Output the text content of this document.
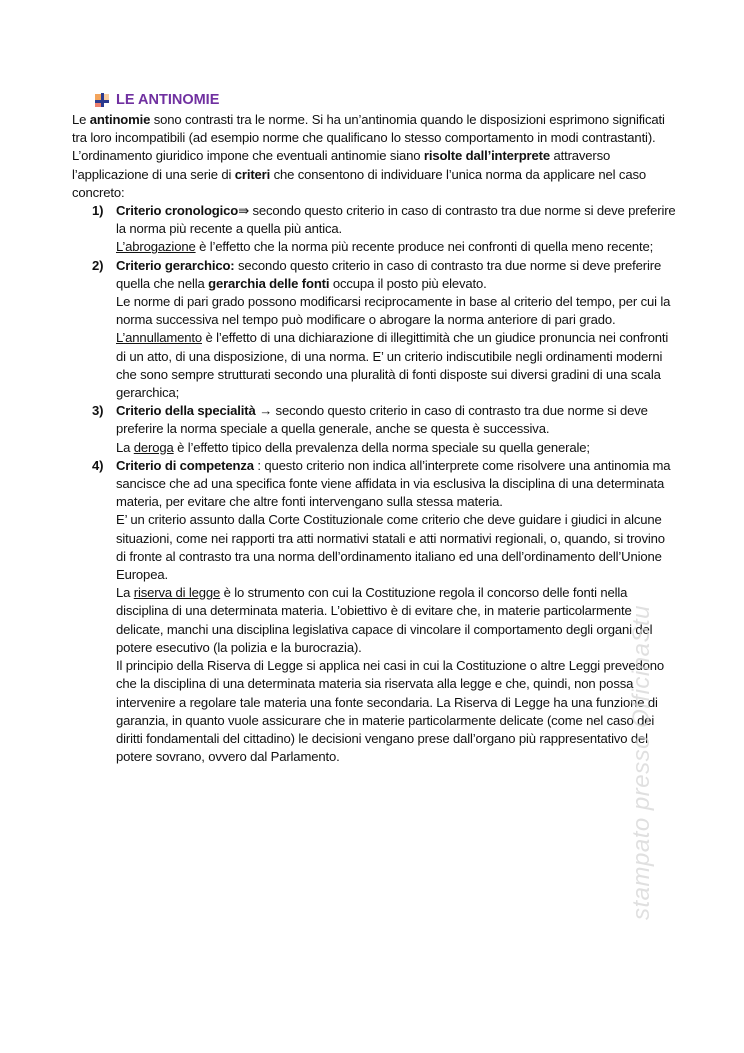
LE ANTINOMIE

Le antinomie sono contrasti tra le norme. Si ha un’antinomia quando le disposizioni esprimono significati tra loro incompatibili (ad esempio norme che qualificano lo stesso comportamento in modi contrastanti).

L’ordinamento giuridico impone che eventuali antinomie siano risolte dall’interprete attraverso l’applicazione di una serie di criteri che consentono di individuare l’unica norma da applicare nel caso concreto:

1) Criterio cronologico⇛ secondo questo criterio in caso di contrasto tra due norme si deve preferire la norma più recente a quella più antica.

L’abrogazione è l’effetto che la norma più recente produce nei confronti di quella meno recente;

2) Criterio gerarchico: secondo questo criterio in caso di contrasto tra due norme si deve preferire quella che nella gerarchia delle fonti occupa il posto più elevato.

Le norme di pari grado possono modificarsi reciprocamente in base al criterio del tempo, per cui la norma successiva nel tempo può modificare o abrogare la norma anteriore di pari grado.

L’annullamento è l’effetto di una dichiarazione di illegittimità che un giudice pronuncia nei confronti di un atto, di una disposizione, di una norma. E’ un criterio indiscutibile negli ordinamenti moderni che sono sempre strutturati secondo una pluralità di fonti disposte sui diversi gradini di una scala gerarchica;

3) Criterio della specialità → secondo questo criterio in caso di contrasto tra due norme si deve preferire la norma speciale a quella generale, anche se questa è successiva.

La deroga è l’effetto tipico della prevalenza della norma speciale su quella generale;

4) Criterio di competenza : questo criterio non indica all’interprete come risolvere una antinomia ma sancisce che ad una specifica fonte viene affidata in via esclusiva la disciplina di una determinata materia, per evitare che altre fonti intervengano sulla stessa materia.

E’ un criterio assunto dalla Corte Costituzionale come criterio che deve guidare i giudici in alcune situazioni, come nei rapporti tra atti normativi statali e atti normativi regionali, o, quando, si trovino di fronte al contrasto tra una norma dell’ordinamento italiano ed una dell’ordinamento dell’Unione Europea.

La riserva di legge è lo strumento con cui la Costituzione regola il concorso delle fonti nella disciplina di una determinata materia. L’obiettivo è di evitare che, in materie particolarmente delicate, manchi una disciplina legislativa capace di vincolare il comportamento degli organi del potere esecutivo (la polizia e la burocrazia).

Il principio della Riserva di Legge si applica nei casi in cui la Costituzione o altre Leggi prevedono che la disciplina di una determinata materia sia riservata alla legge e che, quindi, non possa intervenire a regolare tale materia una fonte secondaria. La Riserva di Legge ha una funzione di garanzia, in quanto vuole assicurare che in materie particolarmente delicate (come nel caso dei diritti fondamentali del cittadino) le decisioni vengano prese dall’organo più rappresentativo del potere sovrano, ovvero dal Parlamento.	stampato presso OfficinaStu
